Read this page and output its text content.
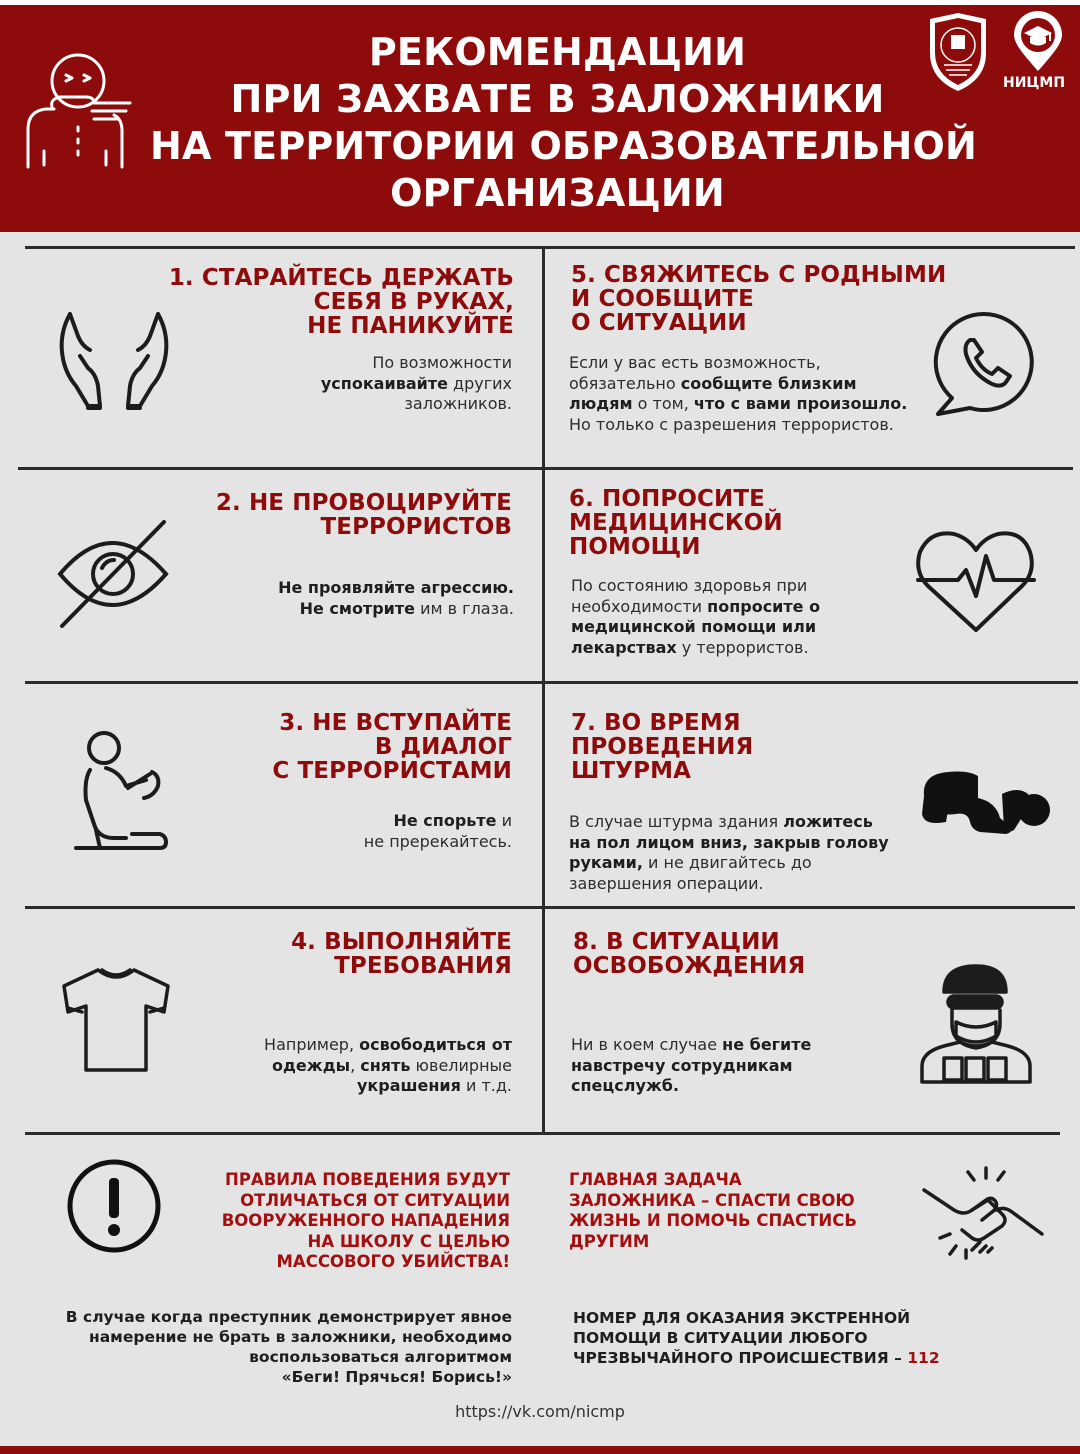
РЕКОМЕНДАЦИИ
ПРИ ЗАХВАТЕ В ЗАЛОЖНИКИ
НА ТЕРРИТОРИИ ОБРАЗОВАТЕЛЬНОЙ
ОРГАНИЗАЦИИ
НИЦМП
1. СТАРАЙТЕСЬ ДЕРЖАТЬ
СЕБЯ В РУКАХ,
НЕ ПАНИКУЙТЕ
По возможности
успокаивайте других
заложников.
2. НЕ ПРОВОЦИРУЙТЕ
ТЕРРОРИСТОВ
Не проявляйте агрессию.
Не смотрите им в глаза.
3. НЕ ВСТУПАЙТЕ
В ДИАЛОГ
С ТЕРРОРИСТАМИ
Не спорьте и
не пререкайтесь.
4. ВЫПОЛНЯЙТЕ
ТРЕБОВАНИЯ
Например, освободиться от
одежды, снять ювелирные
украшения и т.д.
5. СВЯЖИТЕСЬ С РОДНЫМИ
И СООБЩИТЕ
О СИТУАЦИИ
Если у вас есть возможность,
обязательно сообщите близким
людям о том, что с вами произошло.
Но только с разрешения террористов.
6. ПОПРОСИТЕ
МЕДИЦИНСКОЙ
ПОМОЩИ
По состоянию здоровья при
необходимости попросите о
медицинской помощи или
лекарствах у террористов.
7. ВО ВРЕМЯ
ПРОВЕДЕНИЯ
ШТУРМА
В случае штурма здания ложитесь
на пол лицом вниз, закрыв голову
руками, и не двигайтесь до
завершения операции.
8. В СИТУАЦИИ
ОСВОБОЖДЕНИЯ
Ни в коем случае не бегите
навстречу сотрудникам
спецслужб.
ПРАВИЛА ПОВЕДЕНИЯ БУДУТ
ОТЛИЧАТЬСЯ ОТ СИТУАЦИИ
ВООРУЖЕННОГО НАПАДЕНИЯ
НА ШКОЛУ С ЦЕЛЬЮ
МАССОВОГО УБИЙСТВА!
ГЛАВНАЯ ЗАДАЧА
ЗАЛОЖНИКА – СПАСТИ СВОЮ
ЖИЗНЬ И ПОМОЧЬ СПАСТИСЬ
ДРУГИМ
В случае когда преступник демонстрирует явное
намерение не брать в заложники, необходимо
воспользоваться алгоритмом
«Беги! Прячься! Борись!»
НОМЕР ДЛЯ ОКАЗАНИЯ ЭКСТРЕННОЙ
ПОМОЩИ В СИТУАЦИИ ЛЮБОГО
ЧРЕЗВЫЧАЙНОГО ПРОИСШЕСТВИЯ – 112
https://vk.com/nicmp
